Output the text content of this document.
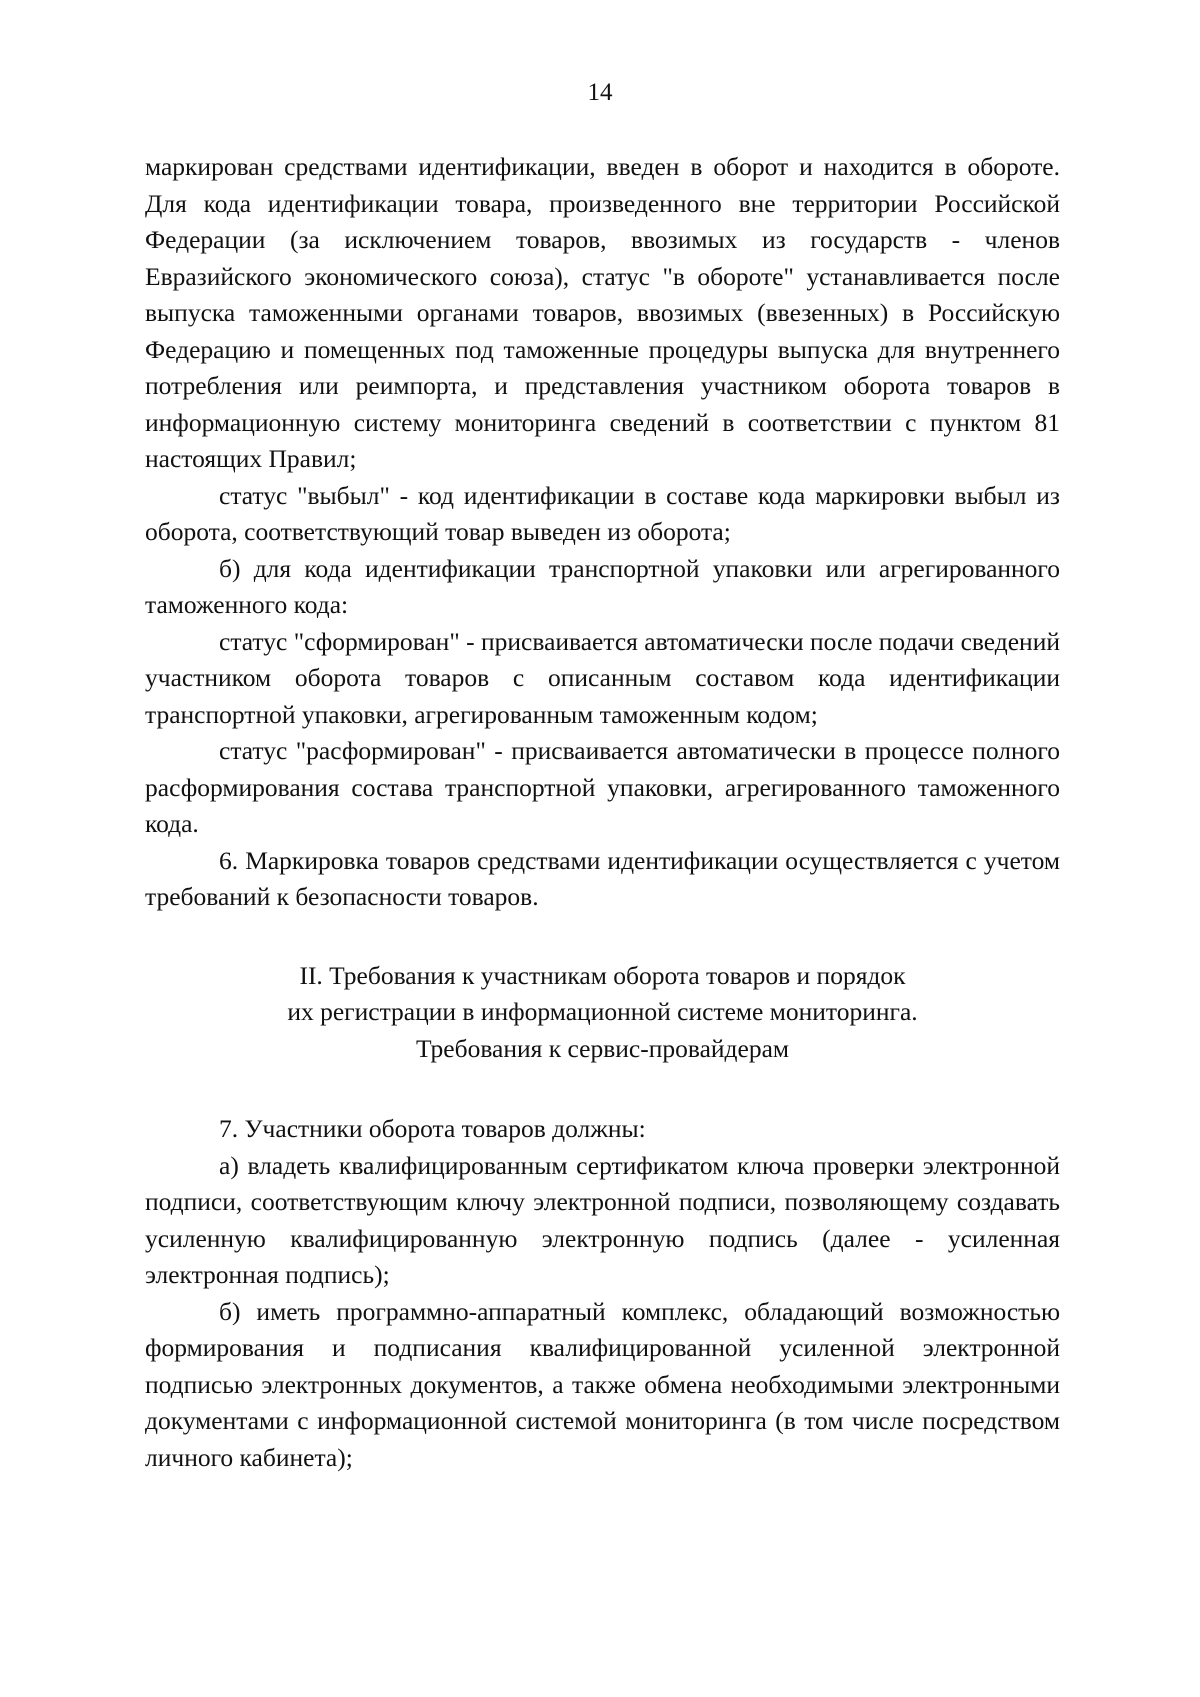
14

маркирован средствами идентификации, введен в оборот и находится в обороте. Для кода идентификации товара, произведенного вне территории Российской Федерации (за исключением товаров, ввозимых из государств - членов Евразийского экономического союза), статус "в обороте" устанавливается после выпуска таможенными органами товаров, ввозимых (ввезенных) в Российскую Федерацию и помещенных под таможенные процедуры выпуска для внутреннего потребления или реимпорта, и представления участником оборота товаров в информационную систему мониторинга сведений в соответствии с пунктом 81 настоящих Правил;

статус "выбыл" - код идентификации в составе кода маркировки выбыл из оборота, соответствующий товар выведен из оборота;

б) для кода идентификации транспортной упаковки или агрегированного таможенного кода:

статус "сформирован" - присваивается автоматически после подачи сведений участником оборота товаров с описанным составом кода идентификации транспортной упаковки, агрегированным таможенным кодом;

статус "расформирован" - присваивается автоматически в процессе полного расформирования состава транспортной упаковки, агрегированного таможенного кода.

6. Маркировка товаров средствами идентификации осуществляется с учетом требований к безопасности товаров.

II. Требования к участникам оборота товаров и порядок
их регистрации в информационной системе мониторинга.
Требования к сервис-провайдерам

7. Участники оборота товаров должны:

а) владеть квалифицированным сертификатом ключа проверки электронной подписи, соответствующим ключу электронной подписи, позволяющему создавать усиленную квалифицированную электронную подпись (далее - усиленная электронная подпись);

б) иметь программно-аппаратный комплекс, обладающий возможностью формирования и подписания квалифицированной усиленной электронной подписью электронных документов, а также обмена необходимыми электронными документами с информационной системой мониторинга (в том числе посредством личного кабинета);
